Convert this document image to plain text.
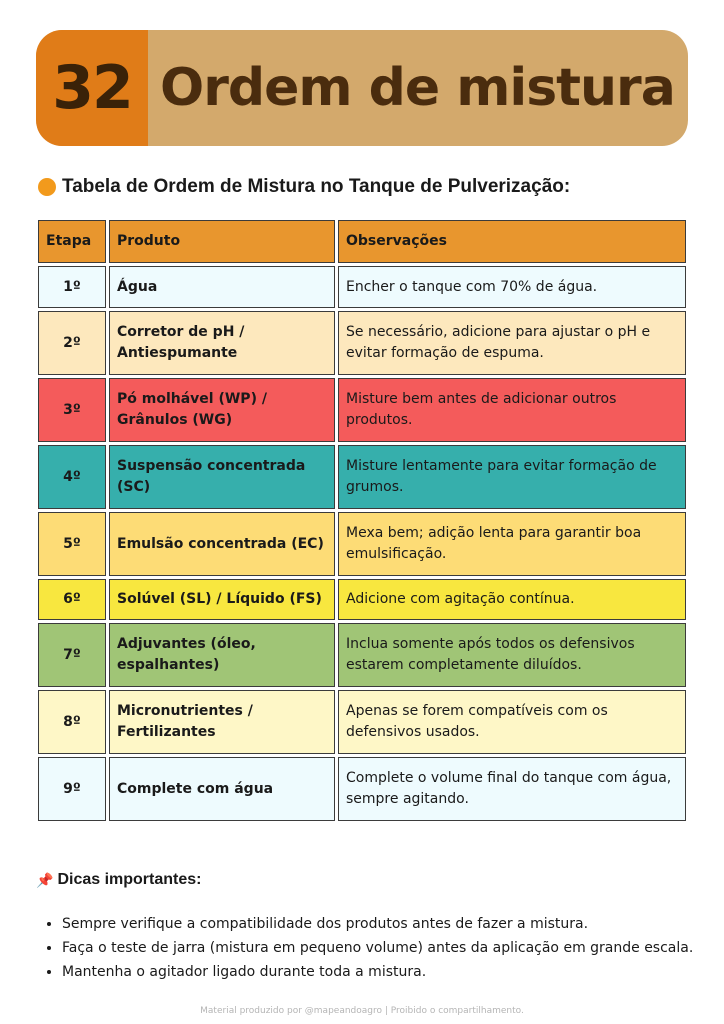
32 Ordem de mistura
Tabela de Ordem de Mistura no Tanque de Pulverização:
Etapa	Produto	Observações
1º	Água	Encher o tanque com 70% de água.
2º	Corretor de pH / Antiespumante	Se necessário, adicione para ajustar o pH e evitar formação de espuma.
3º	Pó molhável (WP) / Grânulos (WG)	Misture bem antes de adicionar outros produtos.
4º	Suspensão concentrada (SC)	Misture lentamente para evitar formação de grumos.
5º	Emulsão concentrada (EC)	Mexa bem; adição lenta para garantir boa emulsificação.
6º	Solúvel (SL) / Líquido (FS)	Adicione com agitação contínua.
7º	Adjuvantes (óleo, espalhantes)	Inclua somente após todos os defensivos estarem completamente diluídos.
8º	Micronutrientes / Fertilizantes	Apenas se forem compatíveis com os defensivos usados.
9º	Complete com água	Complete o volume final do tanque com água, sempre agitando.
📌 Dicas importantes:
• Sempre verifique a compatibilidade dos produtos antes de fazer a mistura.
• Faça o teste de jarra (mistura em pequeno volume) antes da aplicação em grande escala.
• Mantenha o agitador ligado durante toda a mistura.
Material produzido por @mapeandoagro | Proibido o compartilhamento.
